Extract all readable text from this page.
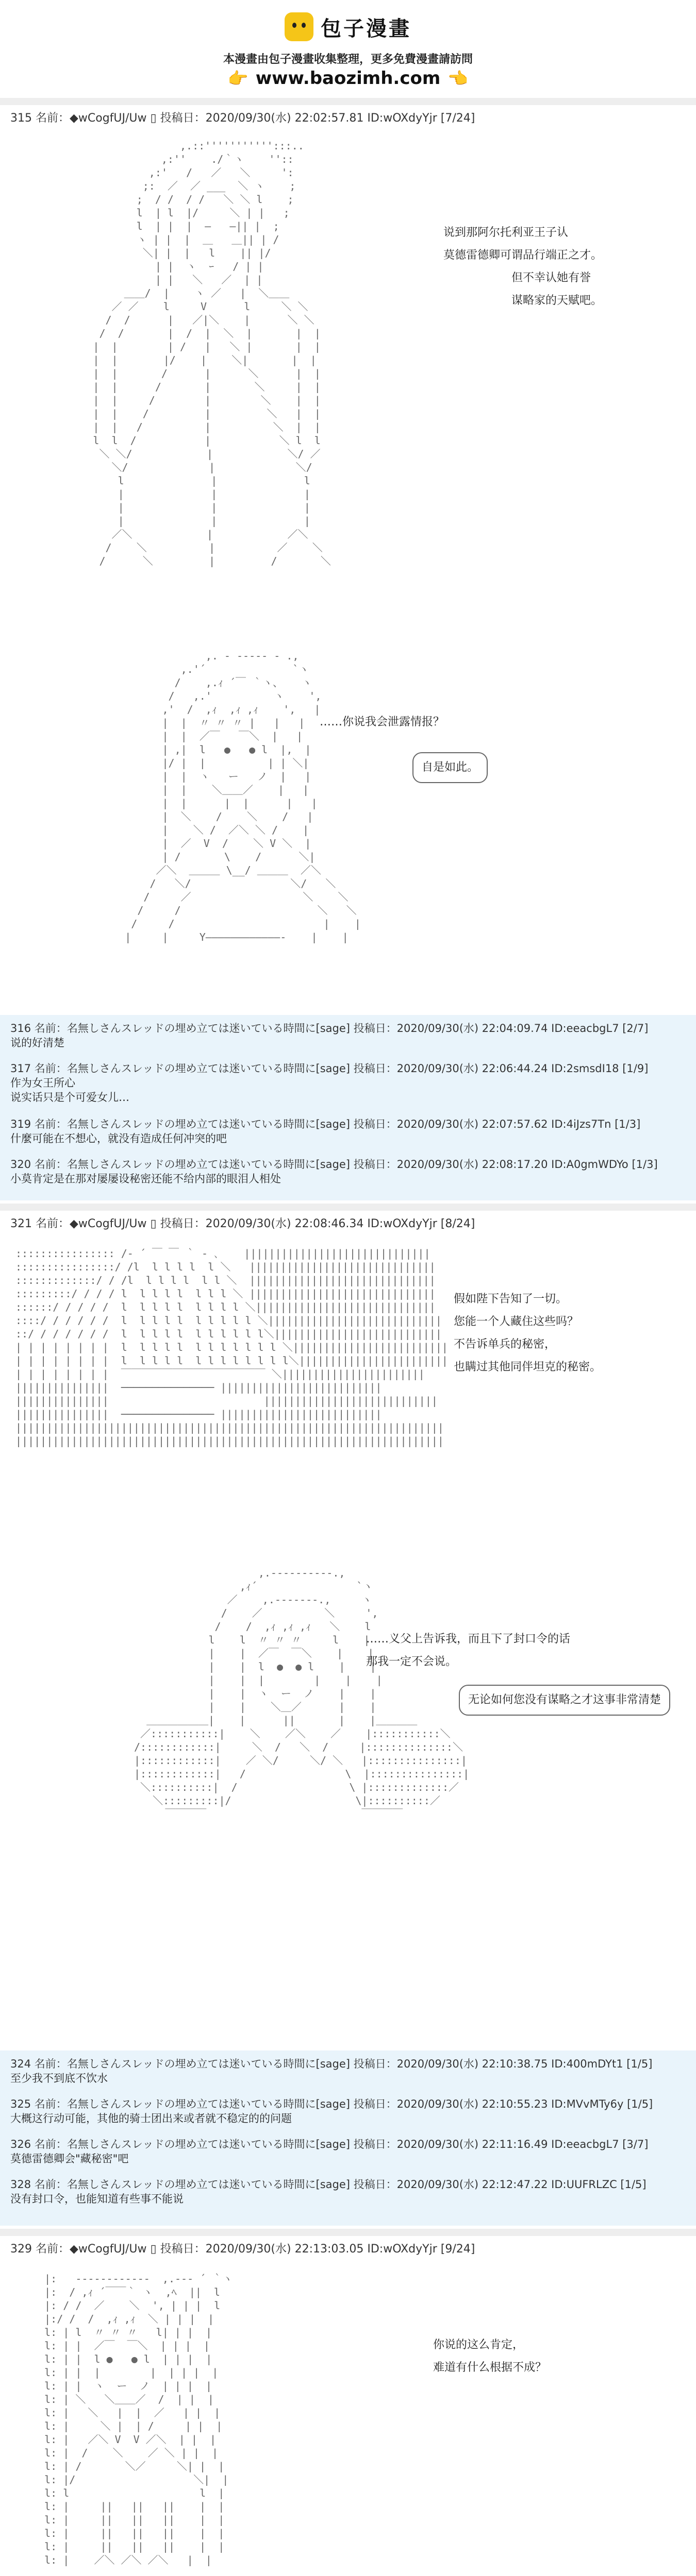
包子漫畫
本漫畫由包子漫畫收集整理，更多免費漫畫請訪問
👉 www.baozimh.com 👈
315 名前：◆wCogfUJ/Uw ▯ 投稿日：2020/09/30(水) 22:02:57.81 ID:wOXdyYjr [7/24]
,.::''''''''''':::..
,:''    ./｀ヽ    ''::
,:'   /   ／   ＼     ':
;:  ／  ／ ___  ＼ ヽ    ;
;  / /  / /   ＼ ＼ l    ;
l  | l  |/     ＼ | |   ;
l  | |  |  ―   ―|| |  ;
ヽ | |  |  ＿   ＿|| | /
＼| |  |   l    || |/
| |  ヽ  ｰ   / | |
| |   ＼   ／  | |
＿＿/  |    ヽ ／   |  ＼＿＿
／ ／    l     V      l     ＼ ＼
/  /      |   ／|＼    |      ＼ ＼
/  /       |  /  |  ＼  |       |  |
|  |        | /   |   ＼ |       |  |
|  |   　　 |/    |    ＼|       |  |
|  |       /      |      ＼      |  |
|  |      /       |       ＼     |  |
|  |     /        |        ＼    |  |
|  |    /         |         ＼   |  |
|  |   /          |          ＼  |  |
l  l  /           |           ＼ l  l
＼ ＼/            |            ＼/ ／
＼/             |             ＼/
l              |              l
|              |              |
|              |              |
|              |              |
／＼            |            ／＼
/    ＼          |          ／    ＼
/      ＼         |         /       ＼
说到那阿尔托利亚王子认
莫德雷德卿可谓品行端正之才。
　　　　　　但不幸认她有誉
　　　　　　谋略家的天赋吧。
,. - ‐‐‐‐‐ - .,
,.'´              `ヽ
/    ,.ｨ ´￣ ｀ヽ、   ヽ
/   ,.'          ヽ    ',
,'  /  ,ｨ  ,ｨ ,ｨ    ',   |
|  |  〃 〃 〃 |   |   |
|  |  ／￣   ￣＼  |   |
| ,|  l   ●   ● l  |,  |
|/ |  |          | | ＼|
|  |  ヽ   ー   ノ  |   |
|  |    ＼＿＿／    |   |
|  |      |  |      |   |
|  ＼    /    ＼    /   |
|    ＼ /  ／＼ ＼ /    |
|  ／  V  /    ＼ V ＼  |
| /       \    /      ＼|
／＼  ＿＿＿ \__/ ＿＿＿  ／＼
/   ＼/                ＼/   ＼
/     ／                  ＼    ＼
/     /                      ＼   ＼
/     /                        |    |
|     |     Y――――――――――――‐    |    |
……你说我会泄露情报？
自是如此。
316 名前：名無しさんスレッドの埋め立ては迷いている時間に[sage] 投稿日：2020/09/30(水) 22:04:09.74 ID:eeacbgL7 [2/7]
说的好清楚
317 名前：名無しさんスレッドの埋め立ては迷いている時間に[sage] 投稿日：2020/09/30(水) 22:06:44.24 ID:2smsdI18 [1/9]
作为女王所心
说实话只是个可爱女儿…
319 名前：名無しさんスレッドの埋め立ては迷いている時間に[sage] 投稿日：2020/09/30(水) 22:07:57.62 ID:4iJzs7Tn [1/3]
什麼可能在不想心，就没有造成任何冲突的吧
320 名前：名無しさんスレッドの埋め立ては迷いている時間に[sage] 投稿日：2020/09/30(水) 22:08:17.20 ID:A0gmWDYo [1/3]
小莫肯定是在那对屡屡设秘密还能不给内部的眼泪人相处
321 名前：◆wCogfUJ/Uw ▯ 投稿日：2020/09/30(水) 22:08:46.34 ID:wOXdyYjr [8/24]
:::::::::::::::: /‐ ´ ￣ ￣ ｀ ‐ ､    ||||||||||||||||||||||||||||||
::::::::::::::::/ /l  l l l l  l ＼   ||||||||||||||||||||||||||||||
:::::::::::::/ / /l  l l l l  l l ＼  ||||||||||||||||||||||||||||||
:::::::::/ / / / l  l l l l  l l l ＼ ||||||||||||||||||||||||||||||
::::::/ / / / /  l  l l l l  l l l l ＼|||||||||||||||||||||||||||||
::::/ / / / / /  l  l l l l  l l l l l ＼||||||||||||||||||||||||||||
::/ / / / / / /  l  l l l l  l l l l l l＼|||||||||||||||||||||||||||
| | | | | | | |  l  l l l l  l l l l l l l ＼|||||||||||||||||||||||||
| | | | | | | |  l  l l l l  l l l l l l l l＼||||||||||||||||||||||||
| | | | | | | |  ￣￣￣￣￣￣￣￣￣￣￣￣￣￣ ＼|||||||||||||||||||||||
|||||||||||||||  ─────────────── ||||||||||||||||||||||||||
|||||||||||||||                         ||||||||||||||||||||||||||||
|||||||||||||||  ─────────────── ||||||||||||||||||||||||||
|||||||||||||||||||||||||||||||||||||||||||||||||||||||||||||||||||||
|||||||||||||||||||||||||||||||||||||||||||||||||||||||||||||||||||||
假如陛下告知了一切。
您能一个人藏住这些吗？
不告诉单兵的秘密，
也瞒过其他同伴坦克的秘密。
,.-‐‐‐‐‐‐‐‐-.,
,ｨ´                `ヽ
／    ,.-‐‐‐‐‐-.,     ヽ
/    ／          ＼     ',
/    /  ,ｨ ,ｨ ,ｨ   ＼    l
l    l  〃 〃 〃     l    |
|    |  ／￣  ￣＼    |    |
|    |  l  ●  ● l    |    |
|    |  |        |    |    |
|    |  ヽ  ー  ノ    |    |
|    |    ＼＿／      |    |
＿＿＿＿＿＿|    |      ||       |    |＿＿＿＿
／:::::::::::|    ＼    ／＼    ／    |:::::::::::＼
/::::::::::::|     ＼  /   ＼  /     |::::::::::::::＼
|::::::::::::|    ／ ＼/     ＼/ ＼   |:::::::::::::::|
|::::::::::::|   /                \  |:::::::::::::::|
＼::::::::::|  /                  \ |:::::::::::::／
＼:::::::::|/                    \|::::::::::／
￣￣￣￣                         ￣￣￣￣
……义父上告诉我，而且下了封口令的话
那我一定不会说。
无论如何您没有谋略之才这事非常清楚
324 名前：名無しさんスレッドの埋め立ては迷いている時間に[sage] 投稿日：2020/09/30(水) 22:10:38.75 ID:400mDYt1 [1/5]
至少我不到底不饮水
325 名前：名無しさんスレッドの埋め立ては迷いている時間に[sage] 投稿日：2020/09/30(水) 22:10:55.23 ID:MVvMTy6y [1/5]
大概这行动可能，其他的骑士团出来或者就不稳定的的问题
326 名前：名無しさんスレッドの埋め立ては迷いている時間に[sage] 投稿日：2020/09/30(水) 22:11:16.49 ID:eeacbgL7 [3/7]
莫德雷德卿会"藏秘密"吧
328 名前：名無しさんスレッドの埋め立ては迷いている時間に[sage] 投稿日：2020/09/30(水) 22:12:47.22 ID:UUFRLZC [1/5]
没有封口令，也能知道有些事不能说
329 名前：◆wCogfUJ/Uw ▯ 投稿日：2020/09/30(水) 22:13:03.05 ID:wOXdyYjr [9/24]
|:   -‐‐‐‐‐‐‐‐‐‐-  ,.-‐‐ ´ ｀ヽ
|:  / ,ｨ ´￣￣｀ ヽ  ,ﾍ  ||  l
|: / /  ／    ＼  ', | | |  l
|:/ /  /  ,ｨ ,ｨ  ＼ | | |  |
l: | l  〃 〃 〃   l| | |  |
l: | |  ／￣  ￣＼  | | |  |
l: | |  l ●   ● l  | | |  |
l: | |  |        |  | | |  |
l: | |  ヽ  ー  ノ  | | |  |
l: | ＼   ＼＿＿／  /  | |  |
l: |   ＼   |  |  ／   | |  |
l: |     ＼ |  | /     | |  |
l: |   ／＼ V  V ／＼  | |  |
l: |  /    ＼    ／ ＼ | |  |
l: | /       ＼／     ＼| |  |
l: |/                   ＼|  |
l: l                     l  |
l: |     ||   ||   ||    |  |
l: |     ||   ||   ||    |  |
l: |     ||   ||   ||    |  |
l: |     ||   ||   ||    |  |
l: |    ／＼ ／＼ ／＼   |  |
你说的这么肯定，
难道有什么根据不成？
